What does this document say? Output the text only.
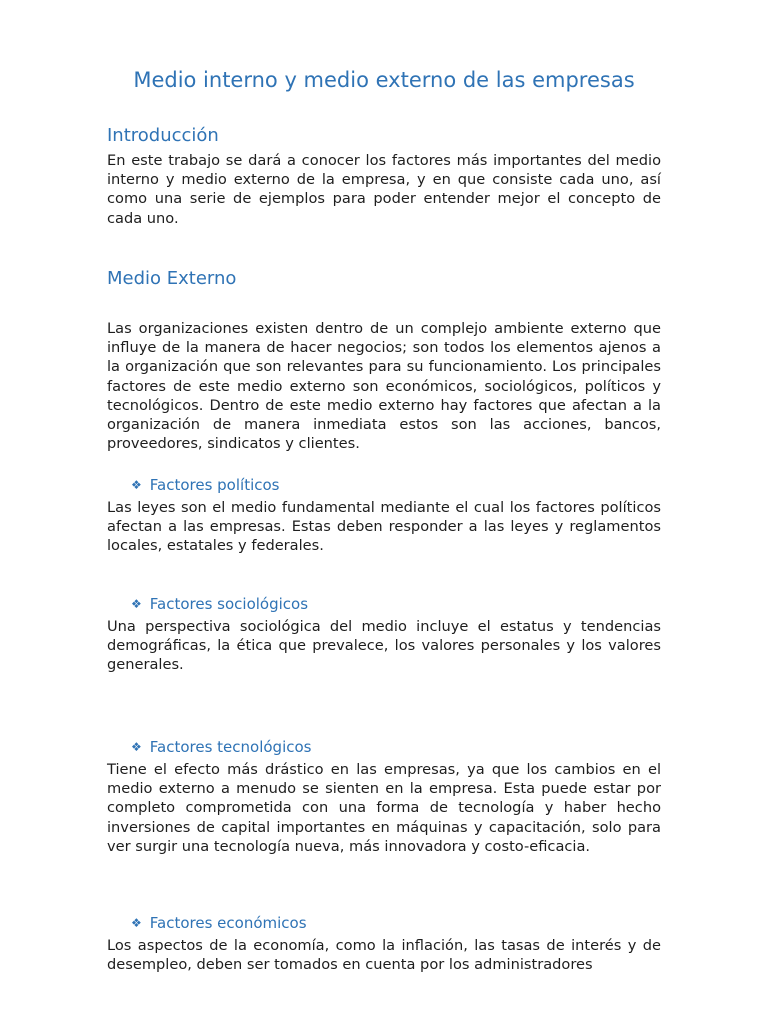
Medio interno y medio externo de las empresas
Introducción

En este trabajo se dará a conocer los factores más importantes del medio interno y medio externo de la empresa, y en que consiste cada uno, así como una serie de ejemplos para poder entender mejor el concepto de cada uno.

Medio Externo

Las organizaciones existen dentro de un complejo ambiente externo que influye de la manera de hacer negocios; son todos los elementos ajenos a la organización que son relevantes para su funcionamiento. Los principales factores de este medio externo son económicos, sociológicos, políticos y tecnológicos. Dentro de este medio externo hay factores que afectan a la organización de manera inmediata estos son las acciones, bancos, proveedores, sindicatos y clientes.

❖ Factores políticos

Las leyes son el medio fundamental mediante el cual los factores políticos afectan a las empresas. Estas deben responder a las leyes y reglamentos locales, estatales y federales.

❖ Factores sociológicos

Una perspectiva sociológica del medio incluye el estatus y tendencias demográficas, la ética que prevalece, los valores personales y los valores generales.

❖ Factores tecnológicos

Tiene el efecto más drástico en las empresas, ya que los cambios en el medio externo a menudo se sienten en la empresa. Esta puede estar por completo comprometida con una forma de tecnología y haber hecho inversiones de capital importantes en máquinas y capacitación, solo para ver surgir una tecnología nueva, más innovadora y costo-eficacia.

❖ Factores económicos

Los aspectos de la economía, como la inflación, las tasas de interés y de desempleo, deben ser tomados en cuenta por los administradores
